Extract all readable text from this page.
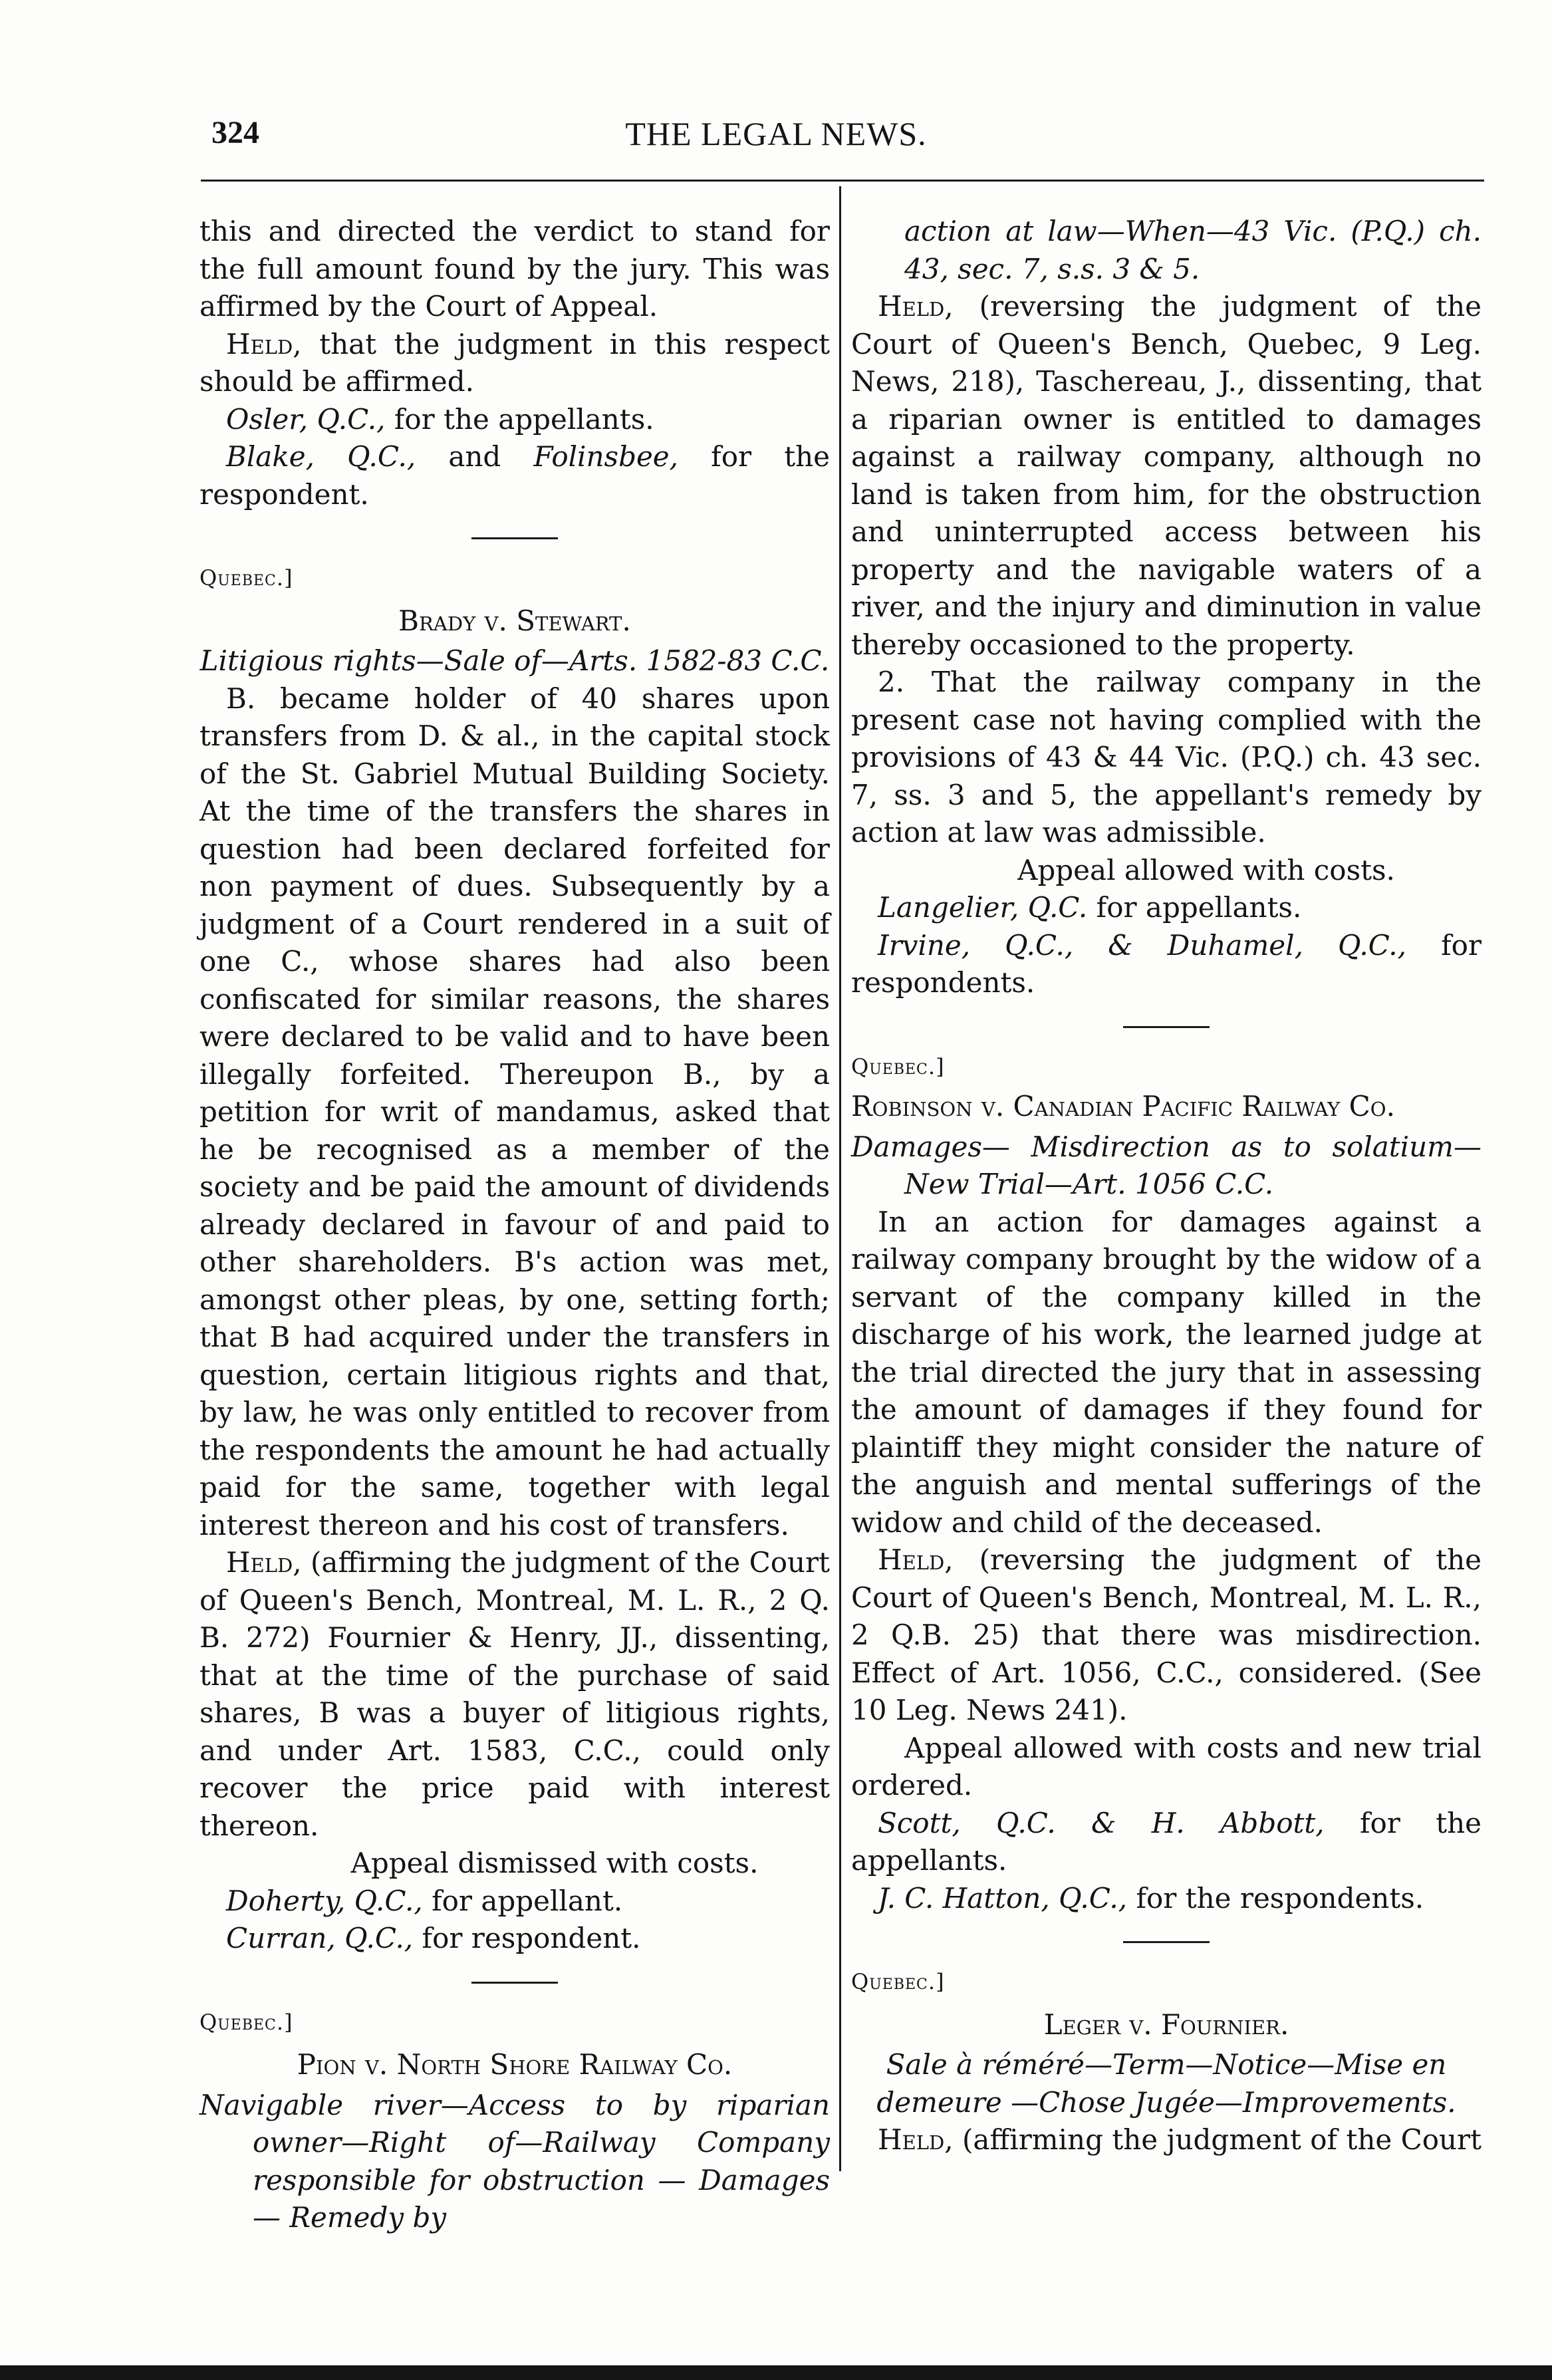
324	THE LEGAL NEWS.

this and directed the verdict to stand for the full amount found by the jury. This was affirmed by the Court of Appeal.

Held, that the judgment in this respect should be affirmed.

Osler, Q.C., for the appellants.

Blake, Q.C., and Folinsbee, for the respondent.

Quebec.]

Brady v. Stewart.

Litigious rights—Sale of—Arts. 1582-83 C.C.

B. became holder of 40 shares upon transfers from D. & al., in the capital stock of the St. Gabriel Mutual Building Society. At the time of the transfers the shares in question had been declared forfeited for non payment of dues. Subsequently by a judgment of a Court rendered in a suit of one C., whose shares had also been confiscated for similar reasons, the shares were declared to be valid and to have been illegally forfeited. Thereupon B., by a petition for writ of mandamus, asked that he be recognised as a member of the society and be paid the amount of dividends already declared in favour of and paid to other shareholders. B's action was met, amongst other pleas, by one, setting forth; that B had acquired under the transfers in question, certain litigious rights and that, by law, he was only entitled to recover from the respondents the amount he had actually paid for the same, together with legal interest thereon and his cost of transfers.

Held, (affirming the judgment of the Court of Queen's Bench, Montreal, M. L. R., 2 Q. B. 272) Fournier & Henry, JJ., dissenting, that at the time of the purchase of said shares, B was a buyer of litigious rights, and under Art. 1583, C.C., could only recover the price paid with interest thereon.

Appeal dismissed with costs.

Doherty, Q.C., for appellant.

Curran, Q.C., for respondent.

Quebec.]

Pion v. North Shore Railway Co.

Navigable river—Access to by riparian owner—Right of—Railway Company responsible for obstruction — Damages — Remedy by

action at law—When—43 Vic. (P.Q.) ch. 43, sec. 7, s.s. 3 & 5.

Held, (reversing the judgment of the Court of Queen's Bench, Quebec, 9 Leg. News, 218), Taschereau, J., dissenting, that a riparian owner is entitled to damages against a railway company, although no land is taken from him, for the obstruction and uninterrupted access between his property and the navigable waters of a river, and the injury and diminution in value thereby occasioned to the property.

2. That the railway company in the present case not having complied with the provisions of 43 & 44 Vic. (P.Q.) ch. 43 sec. 7, ss. 3 and 5, the appellant's remedy by action at law was admissible.

Appeal allowed with costs.

Langelier, Q.C. for appellants.

Irvine, Q.C., & Duhamel, Q.C., for respondents.

Quebec.]

Robinson v. Canadian Pacific Railway Co.

Damages— Misdirection as to solatium— New Trial—Art. 1056 C.C.

In an action for damages against a railway company brought by the widow of a servant of the company killed in the discharge of his work, the learned judge at the trial directed the jury that in assessing the amount of damages if they found for plaintiff they might consider the nature of the anguish and mental sufferings of the widow and child of the deceased.

Held, (reversing the judgment of the Court of Queen's Bench, Montreal, M. L. R., 2 Q.B. 25) that there was misdirection. Effect of Art. 1056, C.C., considered. (See 10 Leg. News 241).

Appeal allowed with costs and new trial ordered.

Scott, Q.C. & H. Abbott, for the appellants.

J. C. Hatton, Q.C., for the respondents.

Quebec.]

Leger v. Fournier.

Sale à réméré—Term—Notice—Mise en demeure —Chose Jugée—Improvements.

Held, (affirming the judgment of the Court
